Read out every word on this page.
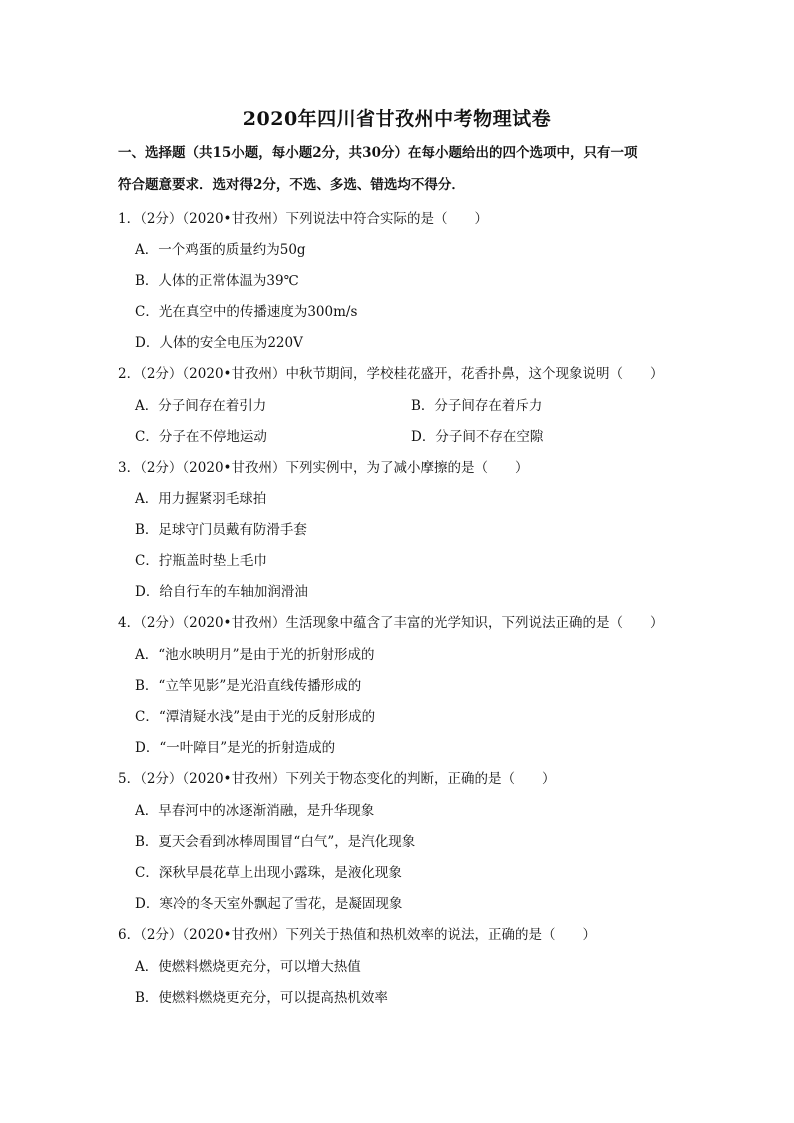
2020年四川省甘孜州中考物理试卷
一、选择题（共15小题，每小题2分，共30分）在每小题给出的四个选项中，只有一项
符合题意要求．选对得2分，不选、多选、错选均不得分．
1．（2分）（2020•甘孜州）下列说法中符合实际的是（　　）
A．一个鸡蛋的质量约为50g
B．人体的正常体温为39℃
C．光在真空中的传播速度为300m/s
D．人体的安全电压为220V
2．（2分）（2020•甘孜州）中秋节期间，学校桂花盛开，花香扑鼻，这个现象说明（　　）
A．分子间存在着引力	B．分子间存在着斥力
C．分子在不停地运动	D．分子间不存在空隙
3．（2分）（2020•甘孜州）下列实例中，为了减小摩擦的是（　　）
A．用力握紧羽毛球拍
B．足球守门员戴有防滑手套
C．拧瓶盖时垫上毛巾
D．给自行车的车轴加润滑油
4．（2分）（2020•甘孜州）生活现象中蕴含了丰富的光学知识，下列说法正确的是（　　）
A．“池水映明月”是由于光的折射形成的
B．“立竿见影”是光沿直线传播形成的
C．“潭清疑水浅”是由于光的反射形成的
D．“一叶障目”是光的折射造成的
5．（2分）（2020•甘孜州）下列关于物态变化的判断，正确的是（　　）
A．早春河中的冰逐渐消融，是升华现象
B．夏天会看到冰棒周围冒“白气”，是汽化现象
C．深秋早晨花草上出现小露珠，是液化现象
D．寒冷的冬天室外飘起了雪花，是凝固现象
6．（2分）（2020•甘孜州）下列关于热值和热机效率的说法，正确的是（　　）
A．使燃料燃烧更充分，可以增大热值
B．使燃料燃烧更充分，可以提高热机效率
